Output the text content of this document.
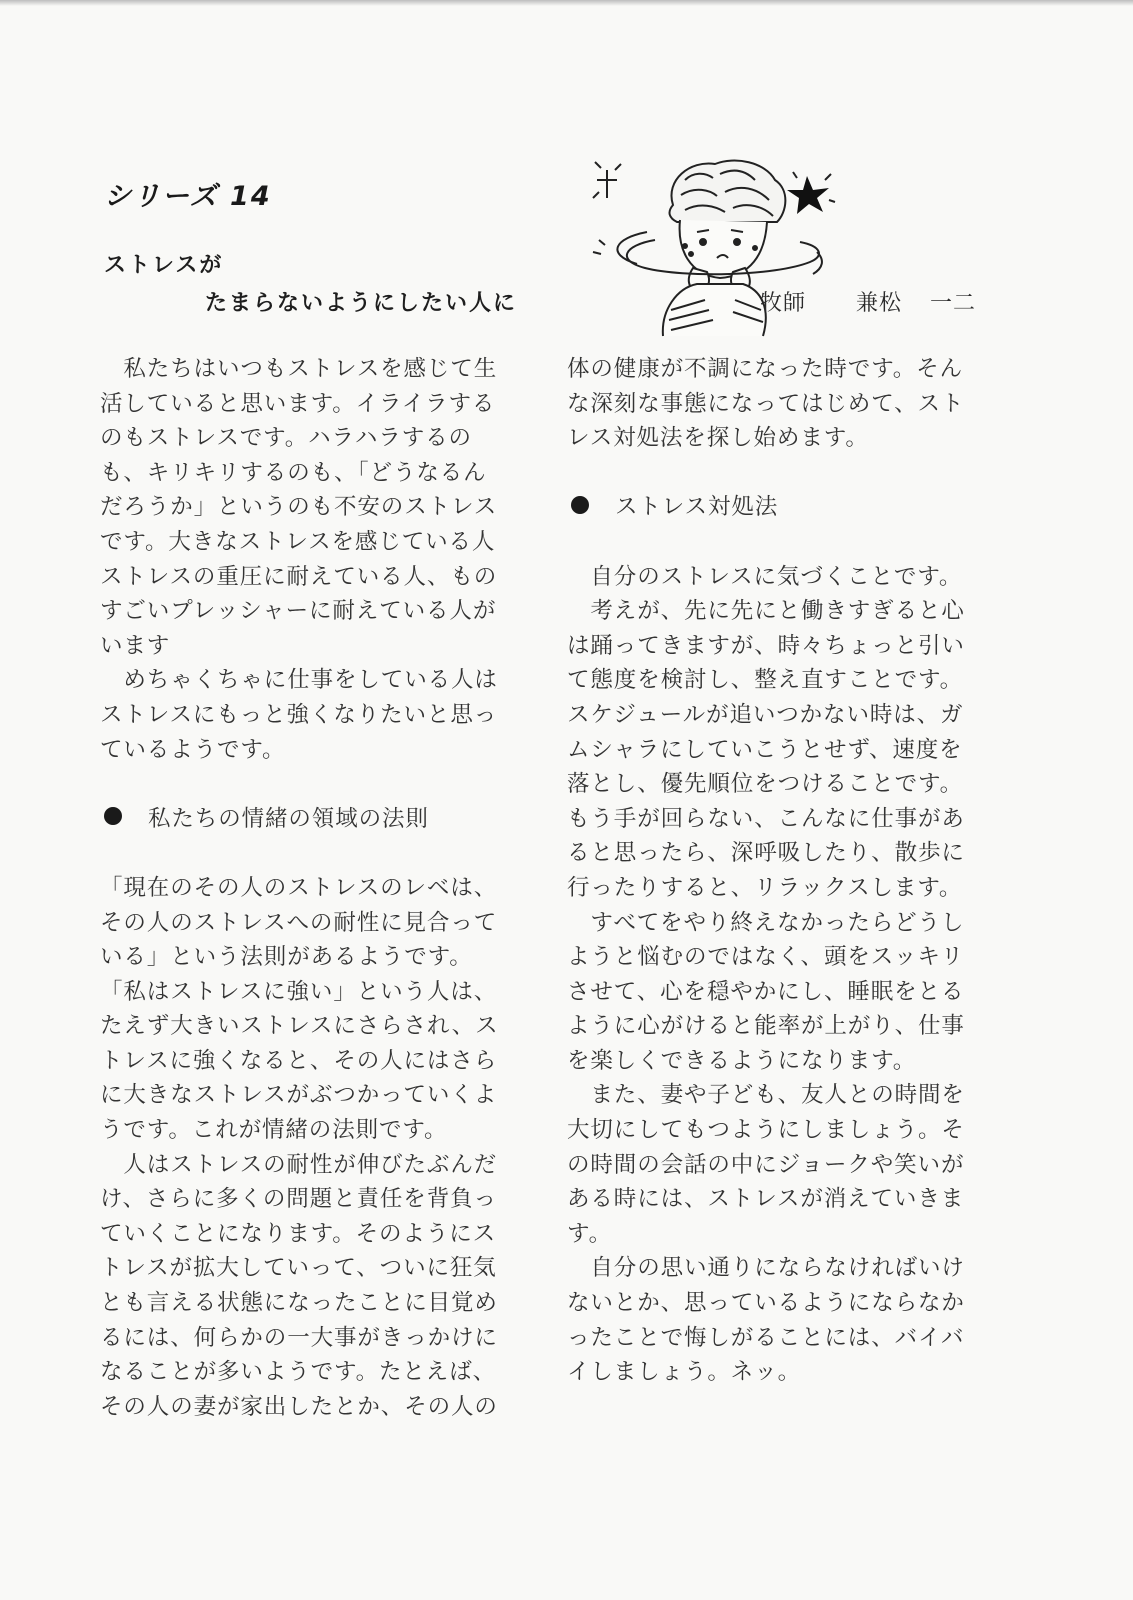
シリーズ 14
ストレスが
たまらないようにしたい人に	牧師 兼松 一二
　私たちはいつもストレスを感じて生
活していると思います。イライラする
のもストレスです。ハラハラするの
も、キリキリするのも、「どうなるん
だろうか」というのも不安のストレス
です。大きなストレスを感じている人
ストレスの重圧に耐えている人、もの
すごいプレッシャーに耐えている人が
います
　めちゃくちゃに仕事をしている人は
ストレスにもっと強くなりたいと思っ
ているようです。
私たちの情緒の領域の法則
「現在のその人のストレスのレベは、
その人のストレスへの耐性に見合って
いる」という法則があるようです。
「私はストレスに強い」という人は、
たえず大きいストレスにさらされ、ス
トレスに強くなると、その人にはさら
に大きなストレスがぶつかっていくよ
うです。これが情緒の法則です。
　人はストレスの耐性が伸びたぶんだ
け、さらに多くの問題と責任を背負っ
ていくことになります。そのようにス
トレスが拡大していって、ついに狂気
とも言える状態になったことに目覚め
るには、何らかの一大事がきっかけに
なることが多いようです。たとえば、
その人の妻が家出したとか、その人の
体の健康が不調になった時です。そん
な深刻な事態になってはじめて、スト
レス対処法を探し始めます。
ストレス対処法
　自分のストレスに気づくことです。
　考えが、先に先にと働きすぎると心
は踊ってきますが、時々ちょっと引い
て態度を検討し、整え直すことです。
スケジュールが追いつかない時は、ガ
ムシャラにしていこうとせず、速度を
落とし、優先順位をつけることです。
もう手が回らない、こんなに仕事があ
ると思ったら、深呼吸したり、散歩に
行ったりすると、リラックスします。
　すべてをやり終えなかったらどうし
ようと悩むのではなく、頭をスッキリ
させて、心を穏やかにし、睡眠をとる
ように心がけると能率が上がり、仕事
を楽しくできるようになります。
　また、妻や子ども、友人との時間を
大切にしてもつようにしましょう。そ
の時間の会話の中にジョークや笑いが
ある時には、ストレスが消えていきま
す。
　自分の思い通りにならなければいけ
ないとか、思っているようにならなか
ったことで悔しがることには、バイバ
イしましょう。ネッ。
